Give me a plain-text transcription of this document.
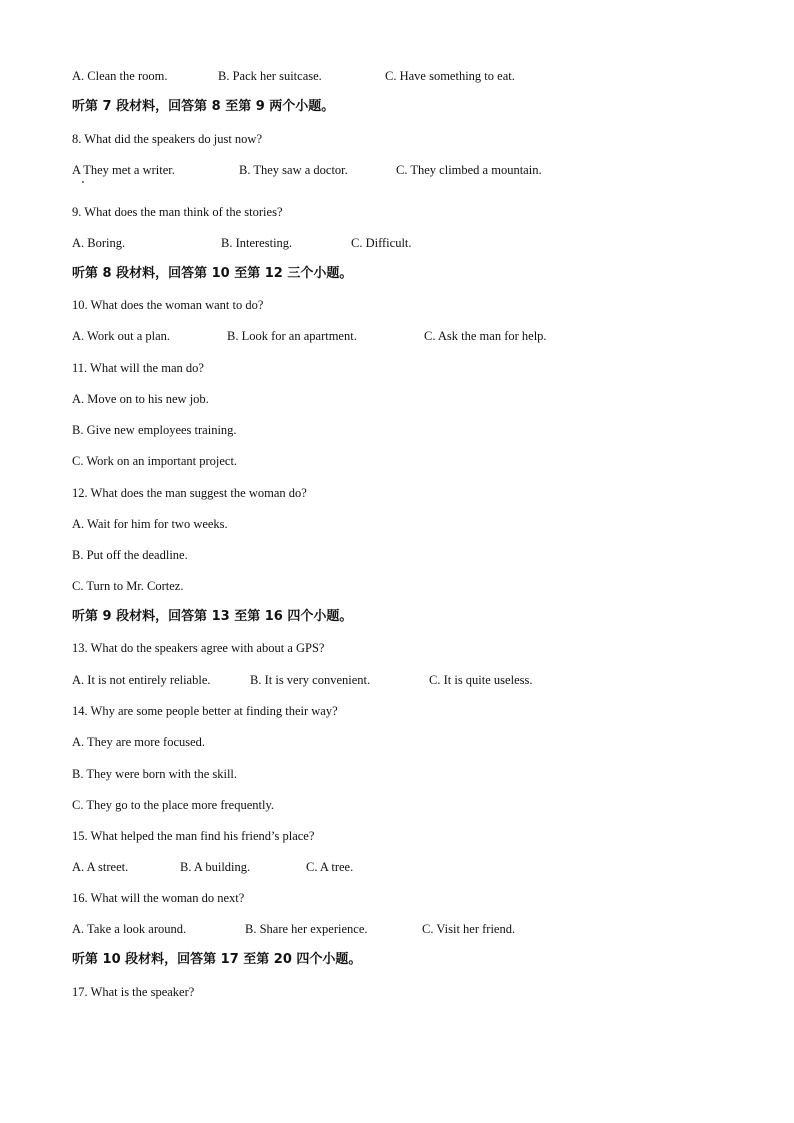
A. Clean the room.	B. Pack her suitcase.	C. Have something to eat.
听第 7 段材料，回答第 8 至第 9 两个小题。
8. What did the speakers do just now?
A They met a writer.	B. They saw a doctor.	C. They climbed a mountain.
9. What does the man think of the stories?
A. Boring.	B. Interesting.	C. Difficult.
听第 8 段材料，回答第 10 至第 12 三个小题。
10. What does the woman want to do?
A. Work out a plan.	B. Look for an apartment.	C. Ask the man for help.
11. What will the man do?
A. Move on to his new job.
B. Give new employees training.
C. Work on an important project.
12. What does the man suggest the woman do?
A. Wait for him for two weeks.
B. Put off the deadline.
C. Turn to Mr. Cortez.
听第 9 段材料，回答第 13 至第 16 四个小题。
13. What do the speakers agree with about a GPS?
A. It is not entirely reliable.	B. It is very convenient.	C. It is quite useless.
14. Why are some people better at finding their way?
A. They are more focused.
B. They were born with the skill.
C. They go to the place more frequently.
15. What helped the man find his friend’s place?
A. A street.	B. A building.	C. A tree.
16. What will the woman do next?
A. Take a look around.	B. Share her experience.	C. Visit her friend.
听第 10 段材料，回答第 17 至第 20 四个小题。
17. What is the speaker?
